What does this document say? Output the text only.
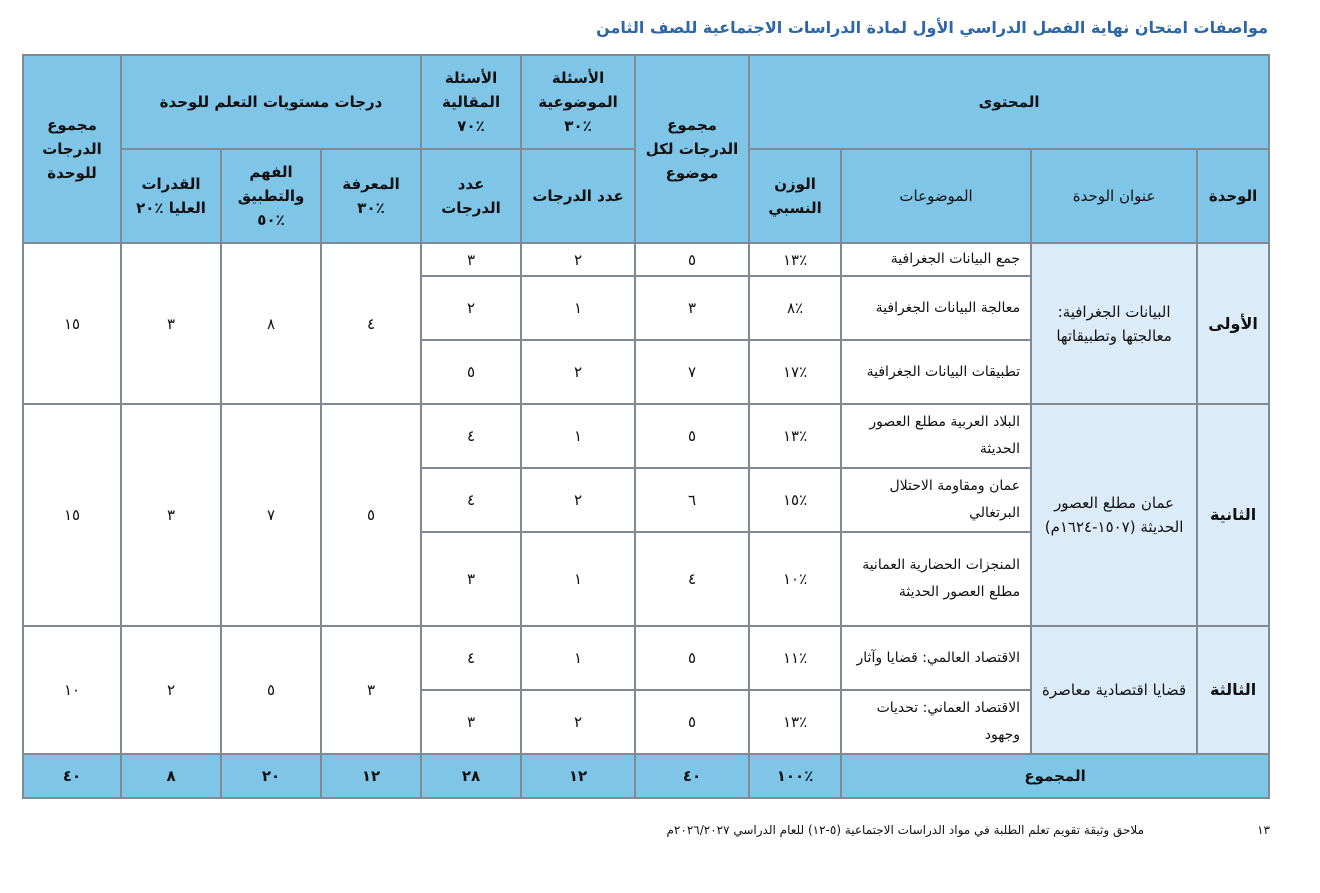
مواصفات امتحان نهاية الفصل الدراسي الأول لمادة الدراسات الاجتماعية للصف الثامن
المحتوى				مجموع الدرجات لكل موضوع	الأسئلة الموضوعية ٪٣٠	الأسئلة المقالية ٪٧٠	درجات مستويات التعلم للوحدة			مجموع الدرجات للوحدة
الوحدة	عنوان الوحدة	الموضوعات	الوزن النسبي		عدد الدرجات	عدد الدرجات	المعرفة ٪٣٠	الفهم والتطبيق ٪٥٠	القدرات العليا ٪٢٠	
الأولى	البيانات الجغرافية: معالجتها وتطبيقاتها	جمع البيانات الجغرافية	٪١٣	٥	٢	٣	٤	٨	٣	١٥
		معالجة البيانات الجغرافية	٪٨	٣	١	٢				
		تطبيقات البيانات الجغرافية	٪١٧	٧	٢	٥				
الثانية	عمان مطلع العصور الحديثة (١٥٠٧-١٦٢٤م)	البلاد العربية مطلع العصور الحديثة	٪١٣	٥	١	٤	٥	٧	٣	١٥
		عمان ومقاومة الاحتلال البرتغالي	٪١٥	٦	٢	٤				
		المنجزات الحضارية العمانية مطلع العصور الحديثة	٪١٠	٤	١	٣				
الثالثة	قضايا اقتصادية معاصرة	الاقتصاد العالمي: قضايا وآثار	٪١١	٥	١	٤	٣	٥	٢	١٠
		الاقتصاد العماني: تحديات وجهود	٪١٣	٥	٢	٣				
المجموع			٪١٠٠	٤٠	١٢	٢٨	١٢	٢٠	٨	٤٠
١٣
ملاحق وثيقة تقويم تعلم الطلبة في مواد الدراسات الاجتماعية (٥-١٢) للعام الدراسي ٢٠٢٦/٢٠٢٧م
